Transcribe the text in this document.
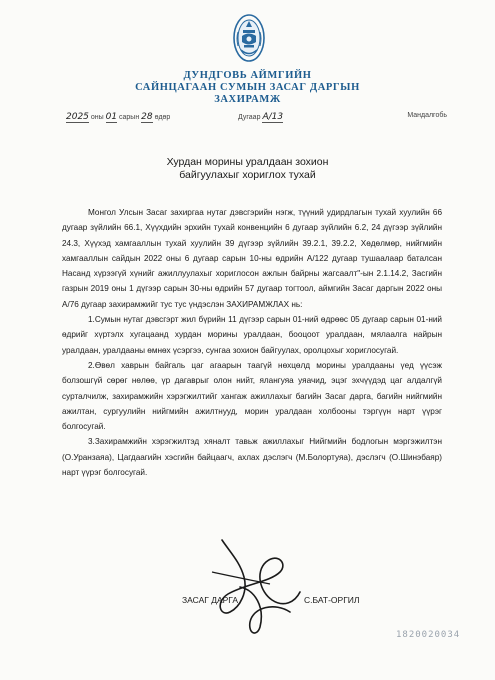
ДУНДГОВЬ АЙМГИЙН
САЙНЦАГААН СУМЫН ЗАСАГ ДАРГЫН
ЗАХИРАМЖ
2025 оны 01 сарын 28 өдөр	Дугаар А/13	Мандалгобь
Хурдан морины уралдаан зохион
байгуулахыг хориглох тухай

Монгол Улсын Засаг захиргаа нутаг дэвсгэрийн нэгж, түүний удирдлагын тухай хуулийн 66 дугаар зүйлийн 66.1, Хүүхдийн эрхийн тухай конвенцийн 6 дугаар зүйлийн 6.2, 24 дүгээр зүйлийн 24.3, Хүүхэд хамгааллын тухай хуулийн 39 дүгээр зүйлийн 39.2.1, 39.2.2, Хөдөлмөр, нийгмийн хамгааллын сайдын 2022 оны 6 дугаар сарын 10-ны өдрийн А/122 дугаар тушаалаар баталсан Насанд хүрээгүй хүнийг ажиллуулахыг хориглосон ажлын байрны жагсаалт"-ын 2.1.14.2, Засгийн газрын 2019 оны 1 дүгээр сарын 30-ны өдрийн 57 дугаар тогтоол, аймгийн Засаг даргын 2022 оны А/76 дугаар захирамжийг тус тус үндэслэн ЗАХИРАМЖЛАХ нь:

1.Сумын нутаг дэвсгэрт жил бүрийн 11 дүгээр сарын 01-ний өдрөөс 05 дугаар сарын 01-ний өдрийг хүртэлх хугацаанд хурдан морины уралдаан, бооцоот уралдаан, мялаалга найрын уралдаан, уралдааны өмнөх үсэргээ, сунгаа зохион байгуулах, оролцохыг хориглосугай.

2.Өвөл хаврын байгаль цаг агаарын таагүй нөхцөлд морины уралдааны үед үүсэж болзошгүй сөрөг нөлөө, үр дагаврыг олон нийт, ялангуяа уяачид, эцэг эхчүүдэд цаг алдалгүй сурталчилж, захирамжийн хэрэгжилтийг хангаж ажиллахыг багийн Засаг дарга, багийн нийгмийн ажилтан, сургуулийн нийгмийн ажилтнууд, морин уралдаан холбооны тэргүүн нарт үүрэг болгосугай.

3.Захирамжийн хэрэгжилтэд хяналт тавьж ажиллахыг Нийгмийн бодлогын мэргэжилтэн (О.Уранзаяа), Цагдаагийн хэсгийн байцаагч, ахлах дэслэгч (М.Болортуяа), дэслэгч (О.Шинэбаяр) нарт үүрэг болгосугай.

ЗАСАГ ДАРГА	С.БАТ-ОРГИЛ
1820020034
